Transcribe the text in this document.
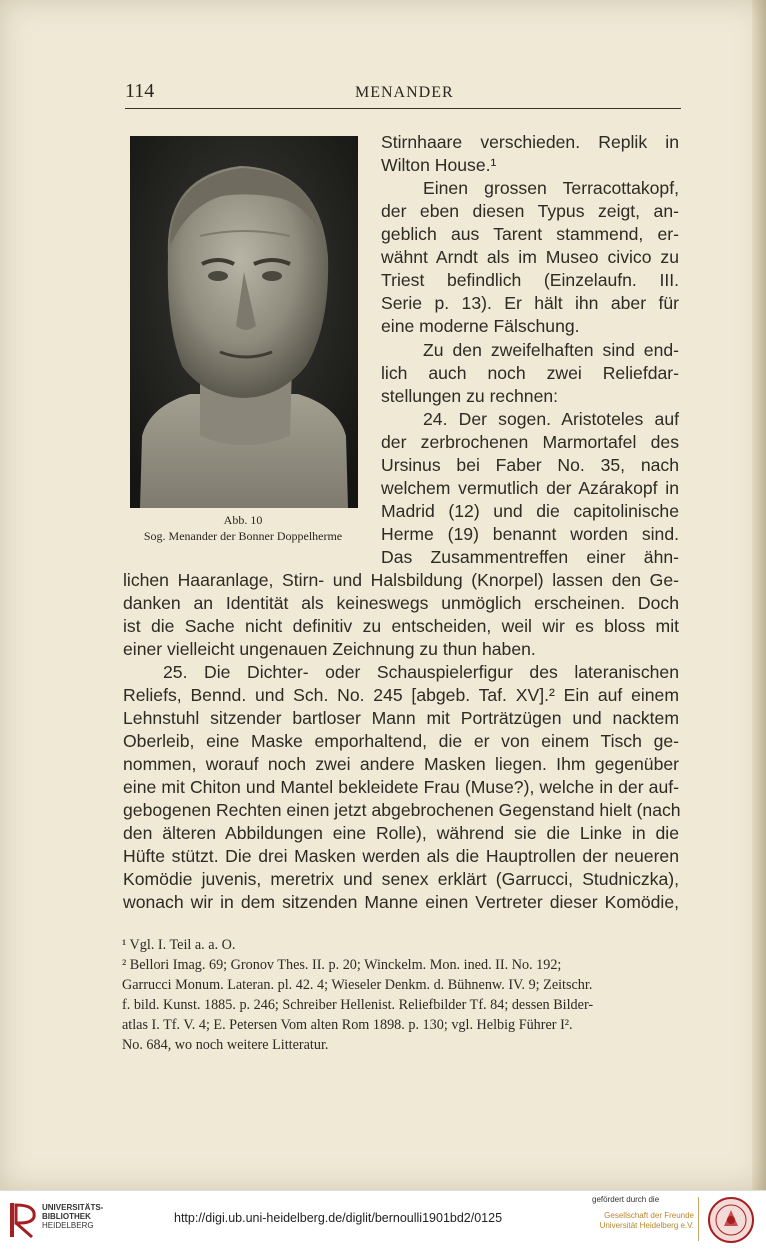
114	MENANDER
Abb. 10
Sog. Menander der Bonner Doppelherme
Stirnhaare verschieden. Replik in
Wilton House.¹
Einen grossen Terracottakopf,
der eben diesen Typus zeigt, an-
geblich aus Tarent stammend, er-
wähnt Arndt als im Museo civico zu
Triest befindlich (Einzelaufn. III.
Serie p. 13). Er hält ihn aber für
eine moderne Fälschung.
Zu den zweifelhaften sind end-
lich auch noch zwei Reliefdar-
stellungen zu rechnen:
24. Der sogen. Aristoteles auf
der zerbrochenen Marmortafel des
Ursinus bei Faber No. 35, nach
welchem vermutlich der Azárakopf in
Madrid (12) und die capitolinische
Herme (19) benannt worden sind.
Das Zusammentreffen einer ähn-
lichen Haaranlage, Stirn- und Halsbildung (Knorpel) lassen den Ge-
danken an Identität als keineswegs unmöglich erscheinen. Doch
ist die Sache nicht definitiv zu entscheiden, weil wir es bloss mit
einer vielleicht ungenauen Zeichnung zu thun haben.
25. Die Dichter- oder Schauspielerfigur des lateranischen
Reliefs, Bennd. und Sch. No. 245 [abgeb. Taf. XV].² Ein auf einem
Lehnstuhl sitzender bartloser Mann mit Porträtzügen und nacktem
Oberleib, eine Maske emporhaltend, die er von einem Tisch ge-
nommen, worauf noch zwei andere Masken liegen. Ihm gegenüber
eine mit Chiton und Mantel bekleidete Frau (Muse?), welche in der auf-
gebogenen Rechten einen jetzt abgebrochenen Gegenstand hielt (nach
den älteren Abbildungen eine Rolle), während sie die Linke in die
Hüfte stützt. Die drei Masken werden als die Hauptrollen der neueren
Komödie juvenis, meretrix und senex erklärt (Garrucci, Studniczka),
wonach wir in dem sitzenden Manne einen Vertreter dieser Komödie,
¹ Vgl. I. Teil a. a. O.
² Bellori Imag. 69; Gronov Thes. II. p. 20; Winckelm. Mon. ined. II. No. 192;
Garrucci Monum. Lateran. pl. 42. 4; Wieseler Denkm. d. Bühnenw. IV. 9; Zeitschr.
f. bild. Kunst. 1885. p. 246; Schreiber Hellenist. Reliefbilder Tf. 84; dessen Bilder-
atlas I. Tf. V. 4; E. Petersen Vom alten Rom 1898. p. 130; vgl. Helbig Führer I².
No. 684, wo noch weitere Litteratur.
UNIVERSITÄTS-
BIBLIOTHEK
HEIDELBERG
http://digi.ub.uni-heidelberg.de/diglit/bernoulli1901bd2/0125
gefördert durch die
Gesellschaft der Freunde
Universität Heidelberg e.V.
